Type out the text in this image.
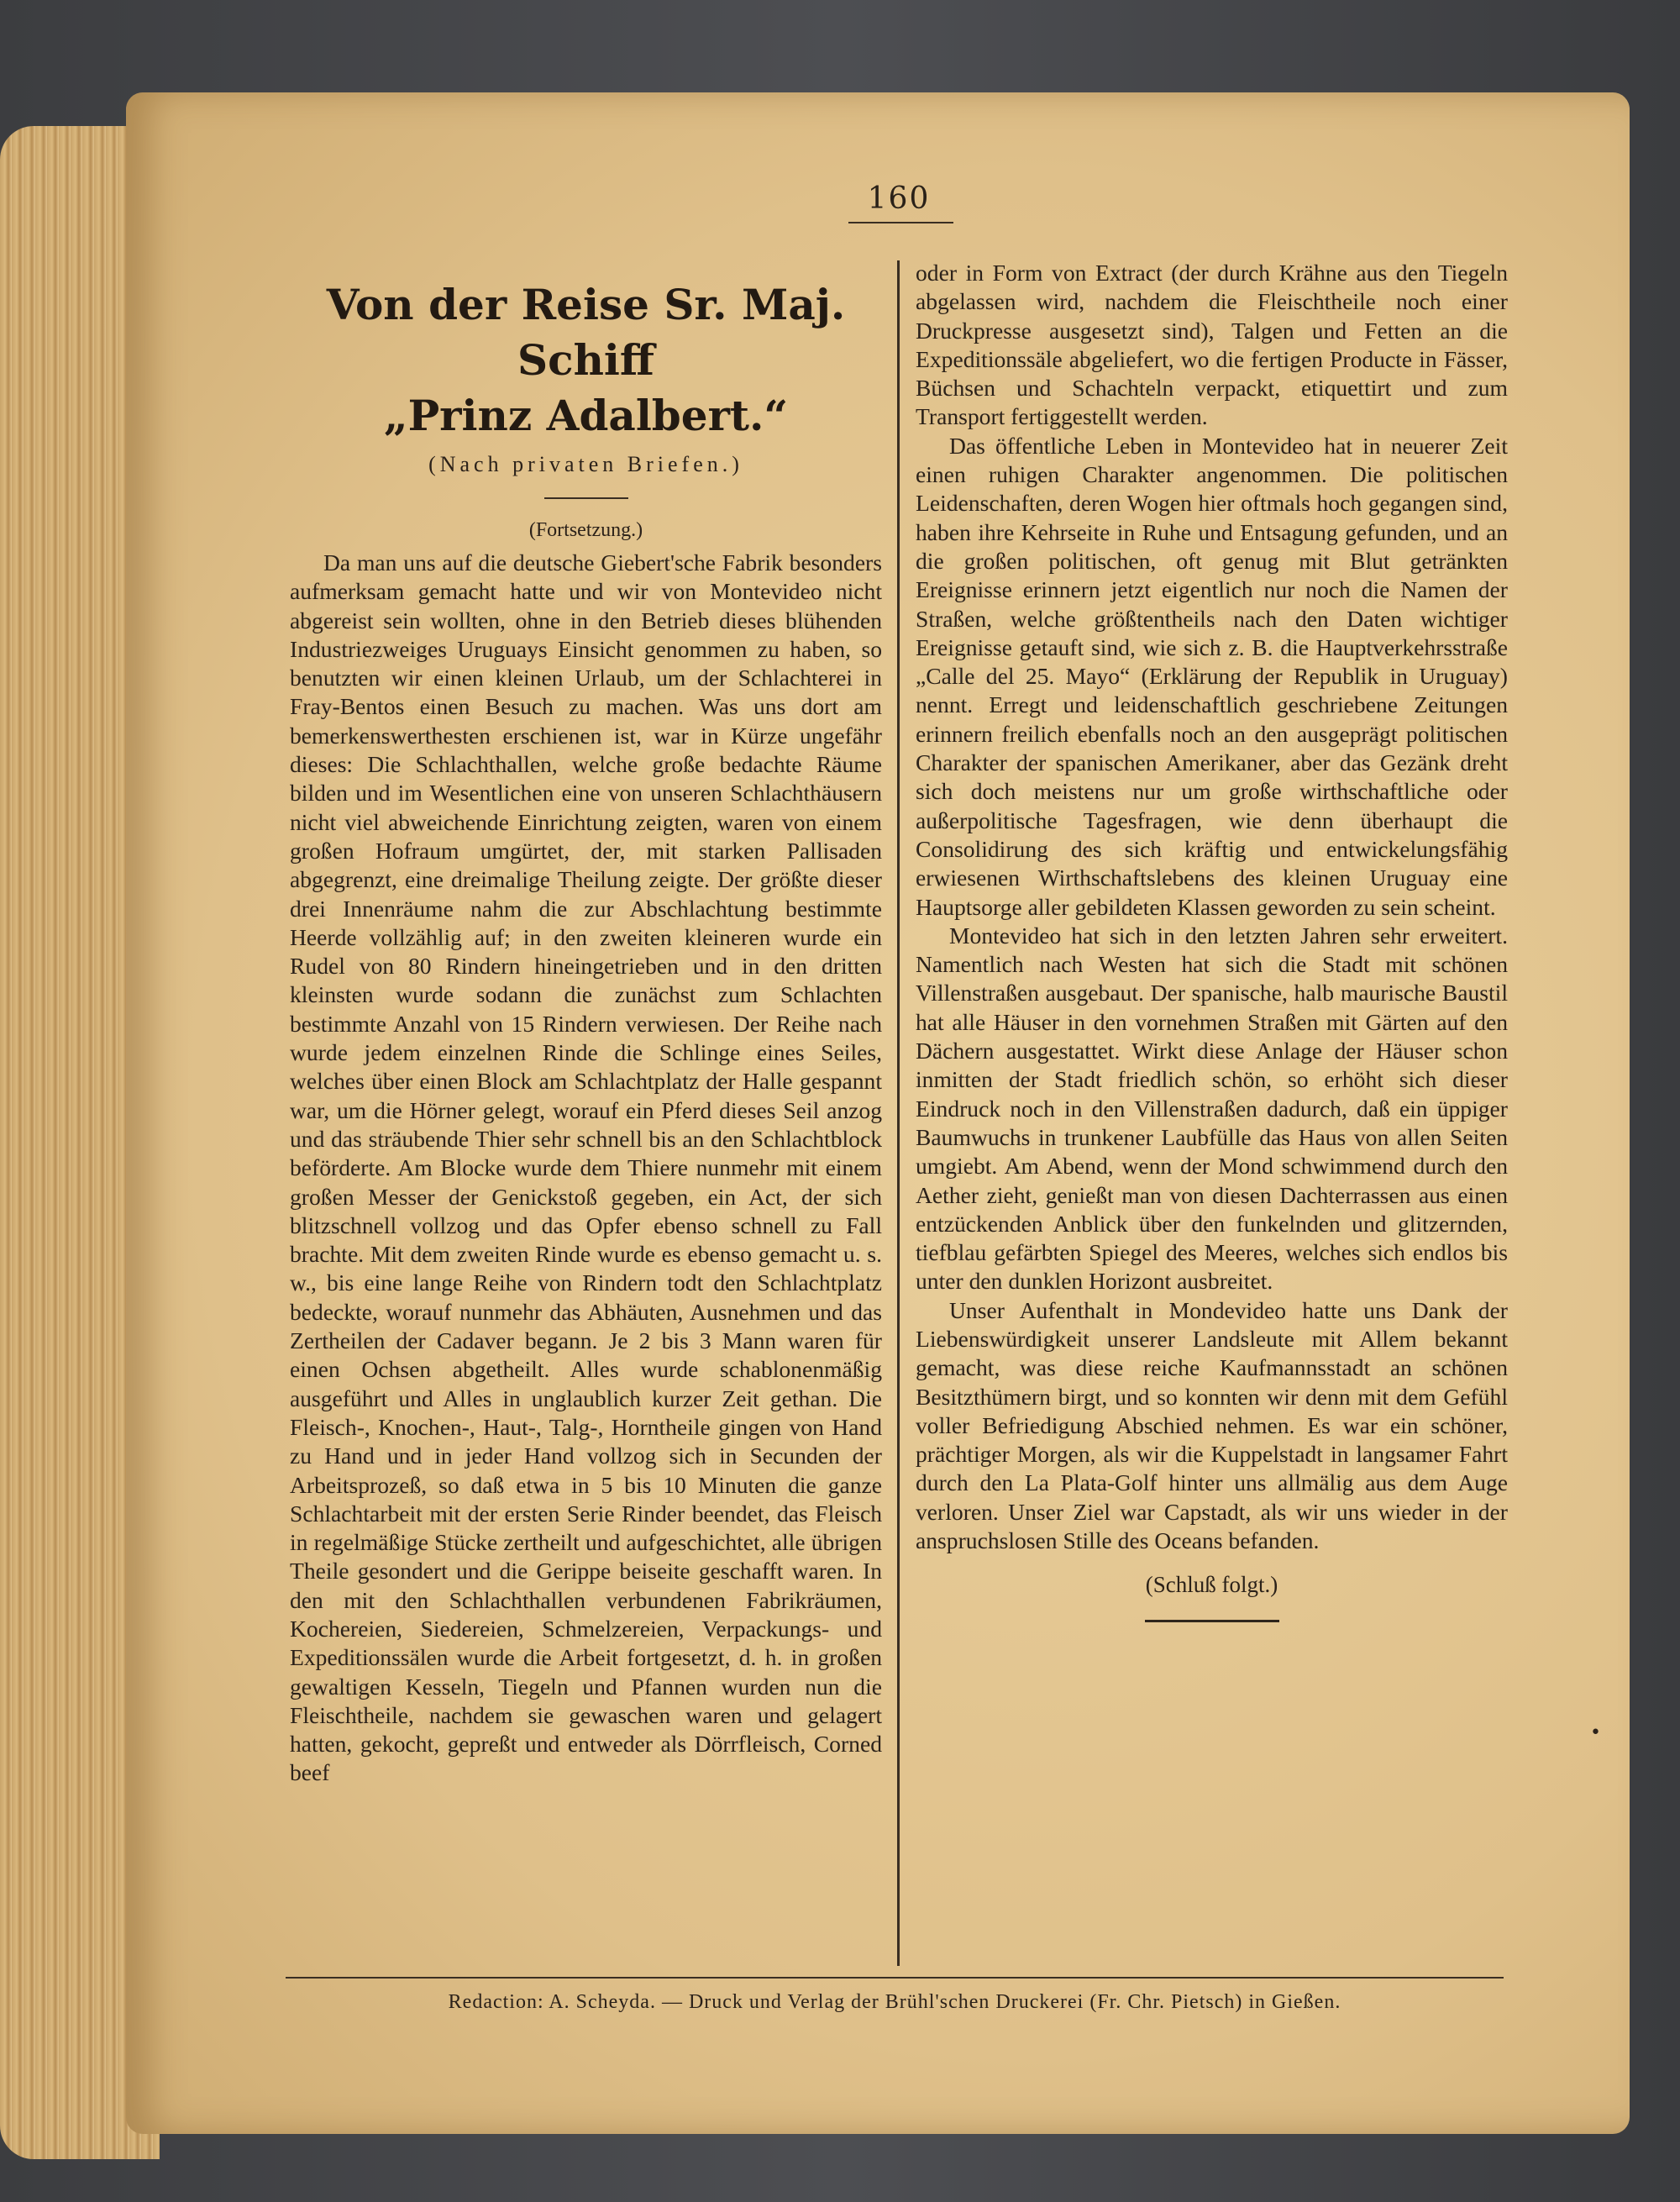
160
Von der Reise Sr. Maj. Schiff
„Prinz Adalbert.“
(Nach privaten Briefen.)
(Fortsetzung.)

Da man uns auf die deutsche Giebert'sche Fabrik besonders aufmerksam gemacht hatte und wir von Montevideo nicht abgereist sein wollten, ohne in den Betrieb dieses blühenden Industriezweiges Uruguays Einsicht genommen zu haben, so benutzten wir einen kleinen Urlaub, um der Schlachterei in Fray-Bentos einen Besuch zu machen. Was uns dort am bemerkenswerthesten erschienen ist, war in Kürze ungefähr dieses: Die Schlachthallen, welche große bedachte Räume bilden und im Wesentlichen eine von unseren Schlachthäusern nicht viel abweichende Einrichtung zeigten, waren von einem großen Hofraum umgürtet, der, mit starken Pallisaden abgegrenzt, eine dreimalige Theilung zeigte. Der größte dieser drei Innenräume nahm die zur Abschlachtung bestimmte Heerde vollzählig auf; in den zweiten kleineren wurde ein Rudel von 80 Rindern hineingetrieben und in den dritten kleinsten wurde sodann die zunächst zum Schlachten bestimmte Anzahl von 15 Rindern verwiesen. Der Reihe nach wurde jedem einzelnen Rinde die Schlinge eines Seiles, welches über einen Block am Schlachtplatz der Halle gespannt war, um die Hörner gelegt, worauf ein Pferd dieses Seil anzog und das sträubende Thier sehr schnell bis an den Schlachtblock beförderte. Am Blocke wurde dem Thiere nunmehr mit einem großen Messer der Genickstoß gegeben, ein Act, der sich blitzschnell vollzog und das Opfer ebenso schnell zu Fall brachte. Mit dem zweiten Rinde wurde es ebenso gemacht u. s. w., bis eine lange Reihe von Rindern todt den Schlachtplatz bedeckte, worauf nunmehr das Abhäuten, Ausnehmen und das Zertheilen der Cadaver begann. Je 2 bis 3 Mann waren für einen Ochsen abgetheilt. Alles wurde schablonenmäßig ausgeführt und Alles in unglaublich kurzer Zeit gethan. Die Fleisch-, Knochen-, Haut-, Talg-, Horntheile gingen von Hand zu Hand und in jeder Hand vollzog sich in Secunden der Arbeitsprozeß, so daß etwa in 5 bis 10 Minuten die ganze Schlachtarbeit mit der ersten Serie Rinder beendet, das Fleisch in regelmäßige Stücke zertheilt und aufgeschichtet, alle übrigen Theile gesondert und die Gerippe beiseite geschafft waren. In den mit den Schlachthallen verbundenen Fabrikräumen, Kochereien, Siedereien, Schmelzereien, Verpackungs- und Expeditionssälen wurde die Arbeit fortgesetzt, d. h. in großen gewaltigen Kesseln, Tiegeln und Pfannen wurden nun die Fleischtheile, nachdem sie gewaschen waren und gelagert hatten, gekocht, gepreßt und entweder als Dörrfleisch, Corned beef

oder in Form von Extract (der durch Krähne aus den Tiegeln abgelassen wird, nachdem die Fleischtheile noch einer Druckpresse ausgesetzt sind), Talgen und Fetten an die Expeditionssäle abgeliefert, wo die fertigen Producte in Fässer, Büchsen und Schachteln verpackt, etiquettirt und zum Transport fertiggestellt werden.

Das öffentliche Leben in Montevideo hat in neuerer Zeit einen ruhigen Charakter angenommen. Die politischen Leidenschaften, deren Wogen hier oftmals hoch gegangen sind, haben ihre Kehrseite in Ruhe und Entsagung gefunden, und an die großen politischen, oft genug mit Blut getränkten Ereignisse erinnern jetzt eigentlich nur noch die Namen der Straßen, welche größtentheils nach den Daten wichtiger Ereignisse getauft sind, wie sich z. B. die Hauptverkehrsstraße „Calle del 25. Mayo“ (Erklärung der Republik in Uruguay) nennt. Erregt und leidenschaftlich geschriebene Zeitungen erinnern freilich ebenfalls noch an den ausgeprägt politischen Charakter der spanischen Amerikaner, aber das Gezänk dreht sich doch meistens nur um große wirthschaftliche oder außerpolitische Tagesfragen, wie denn überhaupt die Consolidirung des sich kräftig und entwickelungsfähig erwiesenen Wirthschaftslebens des kleinen Uruguay eine Hauptsorge aller gebildeten Klassen geworden zu sein scheint.

Montevideo hat sich in den letzten Jahren sehr erweitert. Namentlich nach Westen hat sich die Stadt mit schönen Villenstraßen ausgebaut. Der spanische, halb maurische Baustil hat alle Häuser in den vornehmen Straßen mit Gärten auf den Dächern ausgestattet. Wirkt diese Anlage der Häuser schon inmitten der Stadt friedlich schön, so erhöht sich dieser Eindruck noch in den Villenstraßen dadurch, daß ein üppiger Baumwuchs in trunkener Laubfülle das Haus von allen Seiten umgiebt. Am Abend, wenn der Mond schwimmend durch den Aether zieht, genießt man von diesen Dachterrassen aus einen entzückenden Anblick über den funkelnden und glitzernden, tiefblau gefärbten Spiegel des Meeres, welches sich endlos bis unter den dunklen Horizont ausbreitet.

Unser Aufenthalt in Mondevideo hatte uns Dank der Liebenswürdigkeit unserer Landsleute mit Allem bekannt gemacht, was diese reiche Kaufmannsstadt an schönen Besitzthümern birgt, und so konnten wir denn mit dem Gefühl voller Befriedigung Abschied nehmen. Es war ein schöner, prächtiger Morgen, als wir die Kuppelstadt in langsamer Fahrt durch den La Plata-Golf hinter uns allmälig aus dem Auge verloren. Unser Ziel war Capstadt, als wir uns wieder in der anspruchslosen Stille des Oceans befanden.

(Schluß folgt.)
Redaction: A. Scheyda. — Druck und Verlag der Brühl'schen Druckerei (Fr. Chr. Pietsch) in Gießen.
•
